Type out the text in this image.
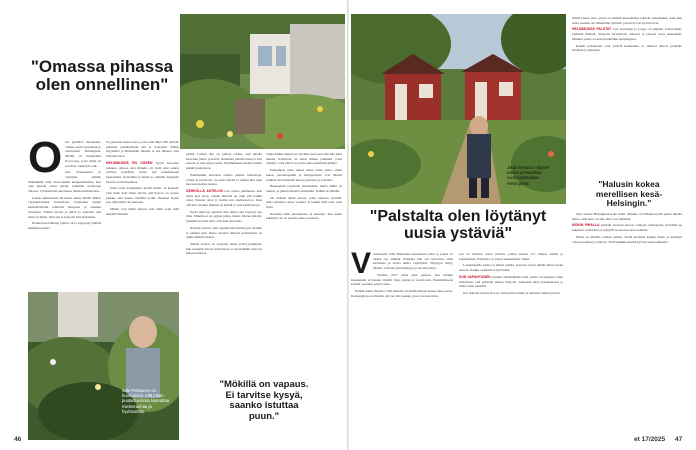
"Omassa pihassa olen onnellinen"

Olen pusillisti maalannut, vaikka asuin lapsuuteni ja nuoruuteni Helsingissä. Meillä oli kesämökki Porvoossa, josta minä oli kotoisin. Siellä jäi vaik-

kuu maaseutuun ja oleelliset elämän tärkeimmät asiat. Kasvoimme kaupunkilaisina, kun oma lapseni olivat pieniä, asuimme rivitalossa Salossa. Työskentelin autoalassa mainostoimistoissa.

Lasten aikuistuessa 90-luvun alussa lähdin SPR:n vapaaehtoiseksi Namibiaan. Palattuani menin kansainvälisiin tehtäviin Kenyaan ja takaisin Suomeen. Tämän kivojä ja päivä ja ajattelin, että tässä on ihana. Otin sen ja kannoin sitä mukanani.

Elokuvassa lähtenyt päätös oli jo kypsynyt päättää kaikkien kanssa.

tä, jaksaisin hoitaa taloa, jossa olisi lähes 200 neliötä, piakasin paaluttamaan sitä ja luottaisin. Päätin myymällä ja Helsinkiin muutin ja sen jälkeen olen hoitanut taloa.

HELSINKISSÄ EN OSKEN hyvin kasvanut paikkaa. Alussa, kun minulla oli vielä ollut suuria ystäviä, pyöräilin, kävin sitä hankkiessani kanssalleni. Kotiuduin ja tunsin jo pitkään. Kaipasin luontoa ja maalaamista.

Etsin uutta kotipaikkaa kesäll tuntin. Ja kaipasin vain lisää. Kun sitten selvisi, että Porvoo on sopiva paikka, sain kauan etsimäni kodin. Onneksi löysin sen, sillä siellä oli puutarha.

Minkä ovat tähän aikaan, kun tämä sopii tällä hetkellä tärkeää.

Sole Pekkanen on huomannut, että pihan puutarhanhoito kasvattaa mielenrauhaa ja hyvinvointia.

päättä. Lamen alta oli palkon roskaa, että pihalla kasvanut juuret ja kasvit. Ratkaisin pihalle uusia ja loin aarteen ja tein paljon uutta. Ensimmäisen kevään istutin kaikki puutarhaan.

Edelleenkin kasvatan omalla pihalla tomaatteja, yrttejä ja perunoita. Se antaa mieltä ja rauhaa kun saan itse kasvatettua ruokaa.

SÄHKÖLLÄ ASTELLIN tein olleen päätöksen, kun myin koti talon, vaikka minulla on ollut yhä kaikki rahat. Nauran talon ja tiedän sen olemassaolon. Kun olin itse, muutin minusta ja kyläni ja vein kyläni tiloja.

Ensin minä en ajatellut sitä, mutta olin löytänyt sen tilan. Minulle ei ole paljon pihaa, mutta viljelen pihalla. Tykkään kovasti siitä, että saan kasvattaa.

Kasvien kanssa olen oppinut kärsivällisyyttä. Kaikki ei onnistu heti, mutta vuosien mittaan puutarhasta on tullut minulle tärkeä.

Näissä oloissa on syntynyt uusia ystävyyssuhteita, kun naapurit tulevat katsomaan ja kyselemään neuvoja pihan hoidossa.

Tämä kaikki tuntuu nyt hyvältä, kun saan elää niin kuin haluan. Kodistani on tullut minun paikkani, jossa viihdyn. Joka päivä on jotain uutta tekemistä pihalla.

Puutarhaan tulee laittaa sinne tänne puita. Omat kukat, perennapenkit ja marjapensaat ovat lähellä sydäntä. Kasvimaalla kasvaa perunaa ja salaattia.

Helsingissä taputtelin maalauksia, mutta täällä on rauhaa, ja jaksan ulkoilla enemmän. Kaikki on lähellä.

On tärkeää tehdä asioita, jotka tuntuvat hyvältä. Oma puutarha antaa voimaa, ja kaikki mitä teen, teen ilolla.

Kesäisin istun puutarhassa ja katselen, kun kukat kukkivat. Se on parasta aikaa vuodesta.

"Mökillä on vapaus. Ei tarvitse kysyä, saanko istuttaa puun."
46
Jatta Heinänen viljelee kukkia ja kasviksia vuokrapalstallaan Helsingissä.
"Palstalta olen löytänyt uusia ystäviä"

Vaahtoiselle Jatta Heinäselle kasvimaan laitto ja palsta on tärkeä osa elämää. Palstalla hän saa kasvattaa omia kasviksia ja tavata muita viljelijöitä. Viljelyyn liittyy hänelle vahvasti yhteisöllisyys ja luontoyhteys.

Vuonna 2017 minä hain palstaa, kun muutin kaupunkiin ja halusin viljellä. Sain palstan ja aloitin heti. Ensimmäisenä kesänä opettelin paljon uutta.

Kaikki tuntui ihanalta, sillä minulla oli mahdollisuus hoitaa omaa palaa. Kaupungissa on tärkeää, että on oma paikka, jossa voi kasvattaa.

sen on löytänyt uusia ystäviä, joiden kanssa voi vaihtaa taimia ja kokemuksia. Palstoilla on paljon kaikenlaista väkeä.

Lastenlapsille palsta on tärkeä paikka, jossa he saavat nähdä, miten ruoka kasvaa. Kaikki osallistuvat kylvöihin.

KUN VAPAHTUNEN jouduin vähentämään töitä, palsta oli pelastus. Olen kiitollinen, että palstalle pääsee helposti. Aamuisin käyn kastelemassa ja illalla istun penkillä.

Nyt minulle tuottaa iloa se, että kylvän taimet ja katselen niiden kasvua.

Nämä pienet asiat, joissa on elämän kiertokulku, tekevät onnelliseksi. Aina kun sataa, kastelu on vähemmän työlästä, ja kasvit ovat hyvinvoivia.

HELSINKISSÄ PALSTAT ovat suosittuja ja jonoja on pitkään. Palstaviljely yhdistää ihmisiä. Naapurit tervehtivät, auttavat ja jakavat satoa keskenään. Minulle palsta on kuin kesämökki kaupungissa.

Kaikki palstalaiset ovat ystäviä keskenään, ja yhteiset talkoot pidetään keväisin ja syksyisin.

"Halusin kokea merellisen kesä-Helsingin."

Olen asunut Helsingissä koko ikäni. Minulle oli tärkeää löytää palsta läheltä merta, sillä meri on aina ollut osa elämääni.

MÖKIN PIHALLA palstani vieressä kasvaa vanhoja omenapuita. Keväällä ne kukkivat valkoisina ja syksyllä ne antavat satoa kaikille.

Palsta on minulle rauhan paikka. Siellä unohdan kaiken muun ja keskityn vain kasveihin ja ystäviin. Vielä tänäkin kesänä kylvän uusia lajikkeita.

et 17/2025 47
